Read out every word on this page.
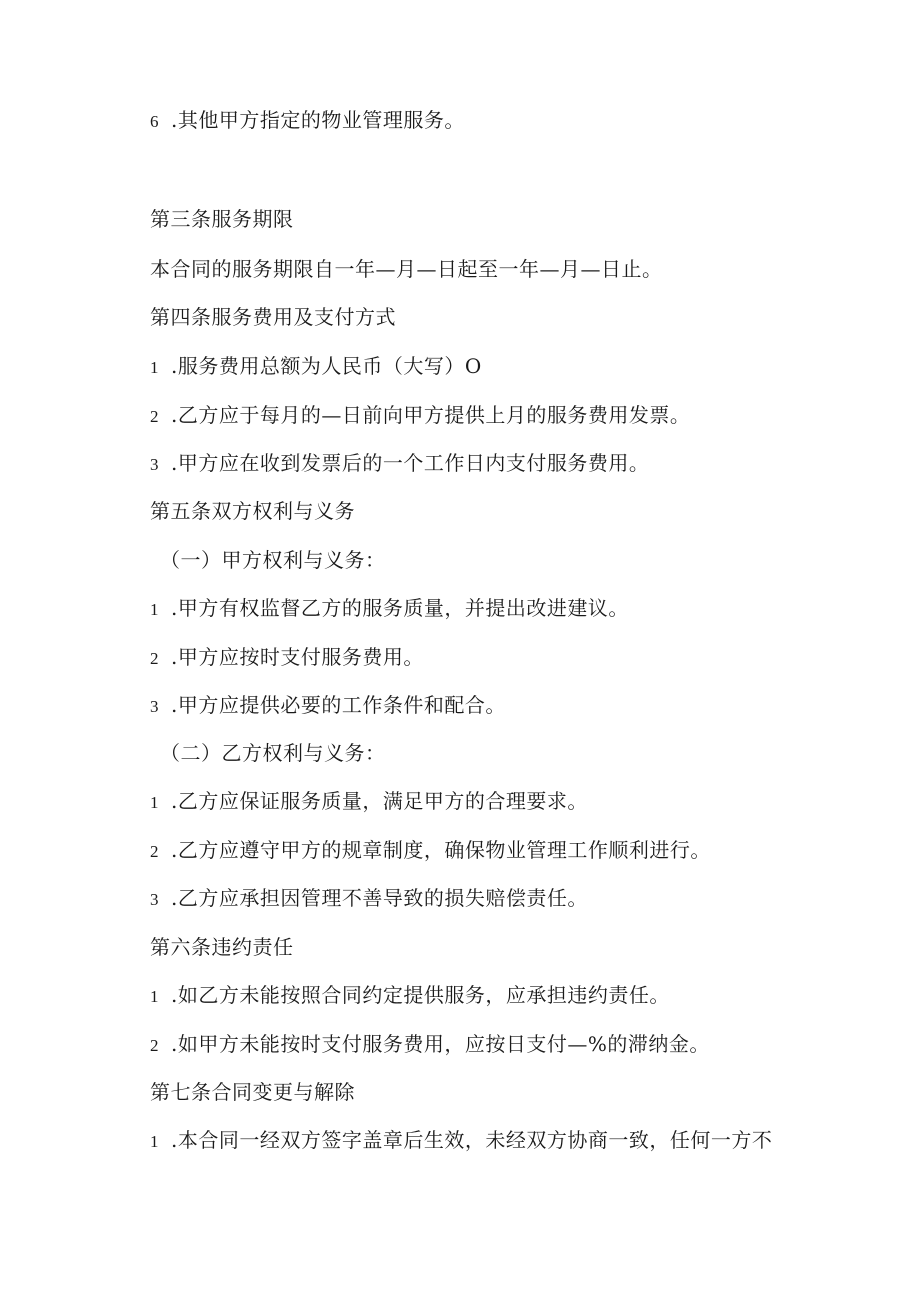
6 .其他甲方指定的物业管理服务。
第三条服务期限
本合同的服务期限自一年—月—日起至一年—月—日止。
第四条服务费用及支付方式
1 .服务费用总额为人民币（大写）O
2 .乙方应于每月的—日前向甲方提供上月的服务费用发票。
3 .甲方应在收到发票后的一个工作日内支付服务费用。
第五条双方权利与义务
（一）甲方权利与义务：
1 .甲方有权监督乙方的服务质量，并提出改进建议。
2 .甲方应按时支付服务费用。
3 .甲方应提供必要的工作条件和配合。
（二）乙方权利与义务：
1 .乙方应保证服务质量，满足甲方的合理要求。
2 .乙方应遵守甲方的规章制度，确保物业管理工作顺利进行。
3 .乙方应承担因管理不善导致的损失赔偿责任。
第六条违约责任
1 .如乙方未能按照合同约定提供服务，应承担违约责任。
2 .如甲方未能按时支付服务费用，应按日支付—%的滞纳金。
第七条合同变更与解除
1 .本合同一经双方签字盖章后生效，未经双方协商一致，任何一方不
